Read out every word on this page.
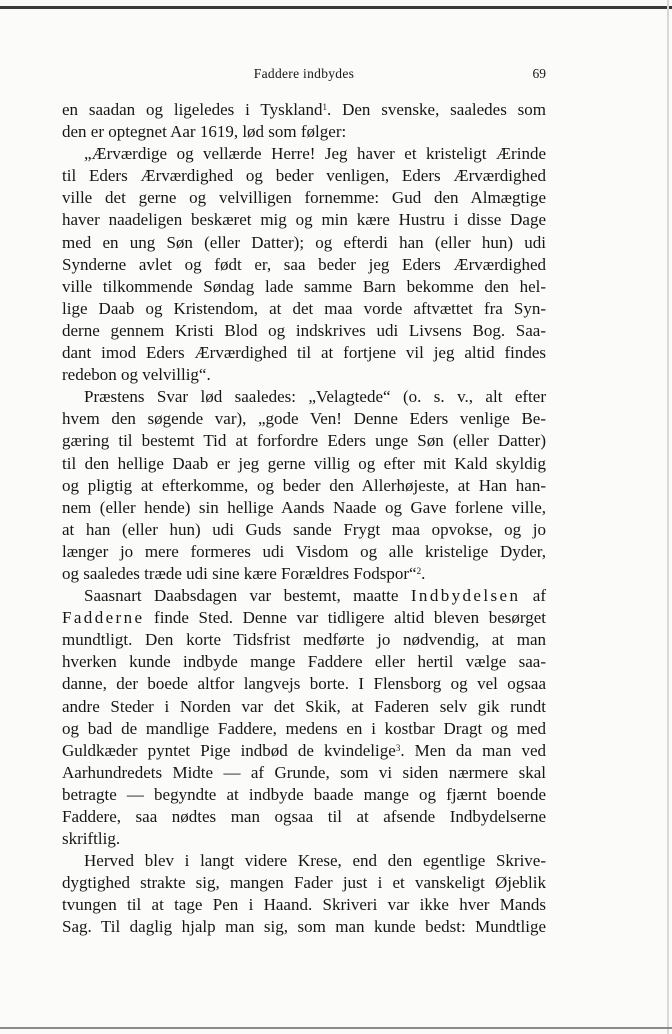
Faddere indbydes	69

en saadan og ligeledes i Tyskland$^1$. Den svenske, saaledes som

den er optegnet Aar 1619, lød som følger:

„Ærværdige og vellærde Herre! Jeg haver et kristeligt Ærinde

til Eders Ærværdighed og beder venligen, Eders Ærværdighed

ville det gerne og velvilligen fornemme: Gud den Almægtige

haver naadeligen beskæret mig og min kære Hustru i disse Dage

med en ung Søn (eller Datter); og efterdi han (eller hun) udi

Synderne avlet og født er, saa beder jeg Eders Ærværdighed

ville tilkommende Søndag lade samme Barn bekomme den hel-

lige Daab og Kristendom, at det maa vorde aftvættet fra Syn-

derne gennem Kristi Blod og indskrives udi Livsens Bog. Saa-

dant imod Eders Ærværdighed til at fortjene vil jeg altid findes

redebon og velvillig“.

Præstens Svar lød saaledes: „Velagtede“ (o. s. v., alt efter

hvem den søgende var), „gode Ven! Denne Eders venlige Be-

gæring til bestemt Tid at forfordre Eders unge Søn (eller Datter)

til den hellige Daab er jeg gerne villig og efter mit Kald skyldig

og pligtig at efterkomme, og beder den Allerhøjeste, at Han han-

nem (eller hende) sin hellige Aands Naade og Gave forlene ville,

at han (eller hun) udi Guds sande Frygt maa opvokse, og jo

længer jo mere formeres udi Visdom og alle kristelige Dyder,

og saaledes træde udi sine kære Forældres Fodspor“$^2$.

Saasnart Daabsdagen var bestemt, maatte Indbydelsen af

Fadderne finde Sted. Denne var tidligere altid bleven besørget

mundtligt. Den korte Tidsfrist medførte jo nødvendig, at man

hverken kunde indbyde mange Faddere eller hertil vælge saa-

danne, der boede altfor langvejs borte. I Flensborg og vel ogsaa

andre Steder i Norden var det Skik, at Faderen selv gik rundt

og bad de mandlige Faddere, medens en i kostbar Dragt og med

Guldkæder pyntet Pige indbød de kvindelige$^3$. Men da man ved

Aarhundredets Midte — af Grunde, som vi siden nærmere skal

betragte — begyndte at indbyde baade mange og fjærnt boende

Faddere, saa nødtes man ogsaa til at afsende Indbydelserne

skriftlig.

Herved blev i langt videre Krese, end den egentlige Skrive-

dygtighed strakte sig, mangen Fader just i et vanskeligt Øjeblik

tvungen til at tage Pen i Haand. Skriveri var ikke hver Mands

Sag. Til daglig hjalp man sig, som man kunde bedst: Mundtlige
